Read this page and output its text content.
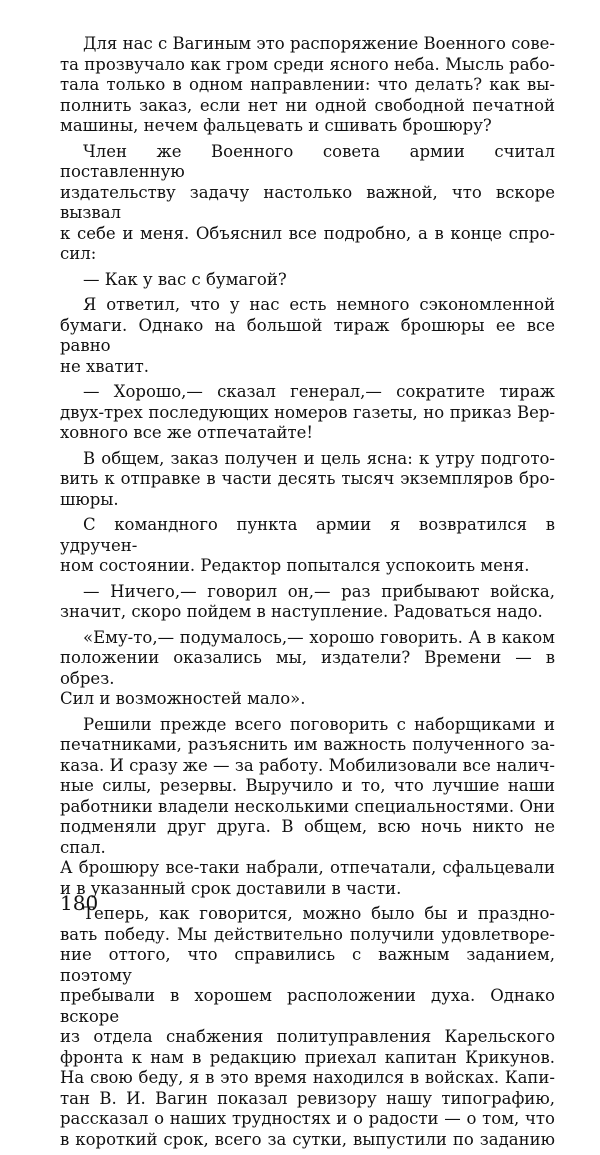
Для нас с Вагиным это распоряжение Военного сове-
та прозвучало как гром среди ясного неба. Мысль рабо-
тала только в одном направлении: что делать? как вы-
полнить заказ, если нет ни одной свободной печатной
машины, нечем фальцевать и сшивать брошюру?
Член же Военного совета армии считал поставленную
издательству задачу настолько важной, что вскоре вызвал
к себе и меня. Объяснил все подробно, а в конце спро-
сил:
— Как у вас с бумагой?
Я ответил, что у нас есть немного сэкономленной
бумаги. Однако на большой тираж брошюры ее все равно
не хватит.
— Хорошо,— сказал генерал,— сократите тираж
двух-трех последующих номеров газеты, но приказ Вер-
ховного все же отпечатайте!
В общем, заказ получен и цель ясна: к утру подгото-
вить к отправке в части десять тысяч экземпляров бро-
шюры.
С командного пункта армии я возвратился в удручен-
ном состоянии. Редактор попытался успокоить меня.
— Ничего,— говорил он,— раз прибывают войска,
значит, скоро пойдем в наступление. Радоваться надо.
«Ему-то,— подумалось,— хорошо говорить. А в каком
положении оказались мы, издатели? Времени — в обрез.
Сил и возможностей мало».
Решили прежде всего поговорить с наборщиками и
печатниками, разъяснить им важность полученного за-
каза. И сразу же — за работу. Мобилизовали все налич-
ные силы, резервы. Выручило и то, что лучшие наши
работники владели несколькими специальностями. Они
подменяли друг друга. В общем, всю ночь никто не спал.
А брошюру все-таки набрали, отпечатали, сфальцевали
и в указанный срок доставили в части.
Теперь, как говорится, можно было бы и праздно-
вать победу. Мы действительно получили удовлетворе-
ние оттого, что справились с важным заданием, поэтому
пребывали в хорошем расположении духа. Однако вскоре
из отдела снабжения политуправления Карельского
фронта к нам в редакцию приехал капитан Крикунов.
На свою беду, я в это время находился в войсках. Капи-
тан В. И. Вагин показал ревизору нашу типографию,
рассказал о наших трудностях и о радости — о том, что
в короткий срок, всего за сутки, выпустили по заданию
180
